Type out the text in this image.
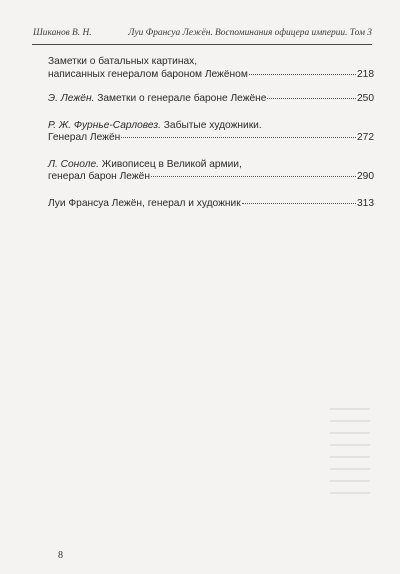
Шиканов В. Н.	Луи Франсуа Лежён. Воспоминания офицера империи. Том 3
Заметки о батальных картинах,
написанных генералом бароном Лежёном	218
Э. Лежён. Заметки о генерале бароне Лежёне	250
Р. Ж. Фурнье-Сарловез. Забытые художники.
Генерал Лежён	272
Л. Соноле. Живописец в Великой армии,
генерал барон Лежён	290
Луи Франсуа Лежён, генерал и художник	313
8
